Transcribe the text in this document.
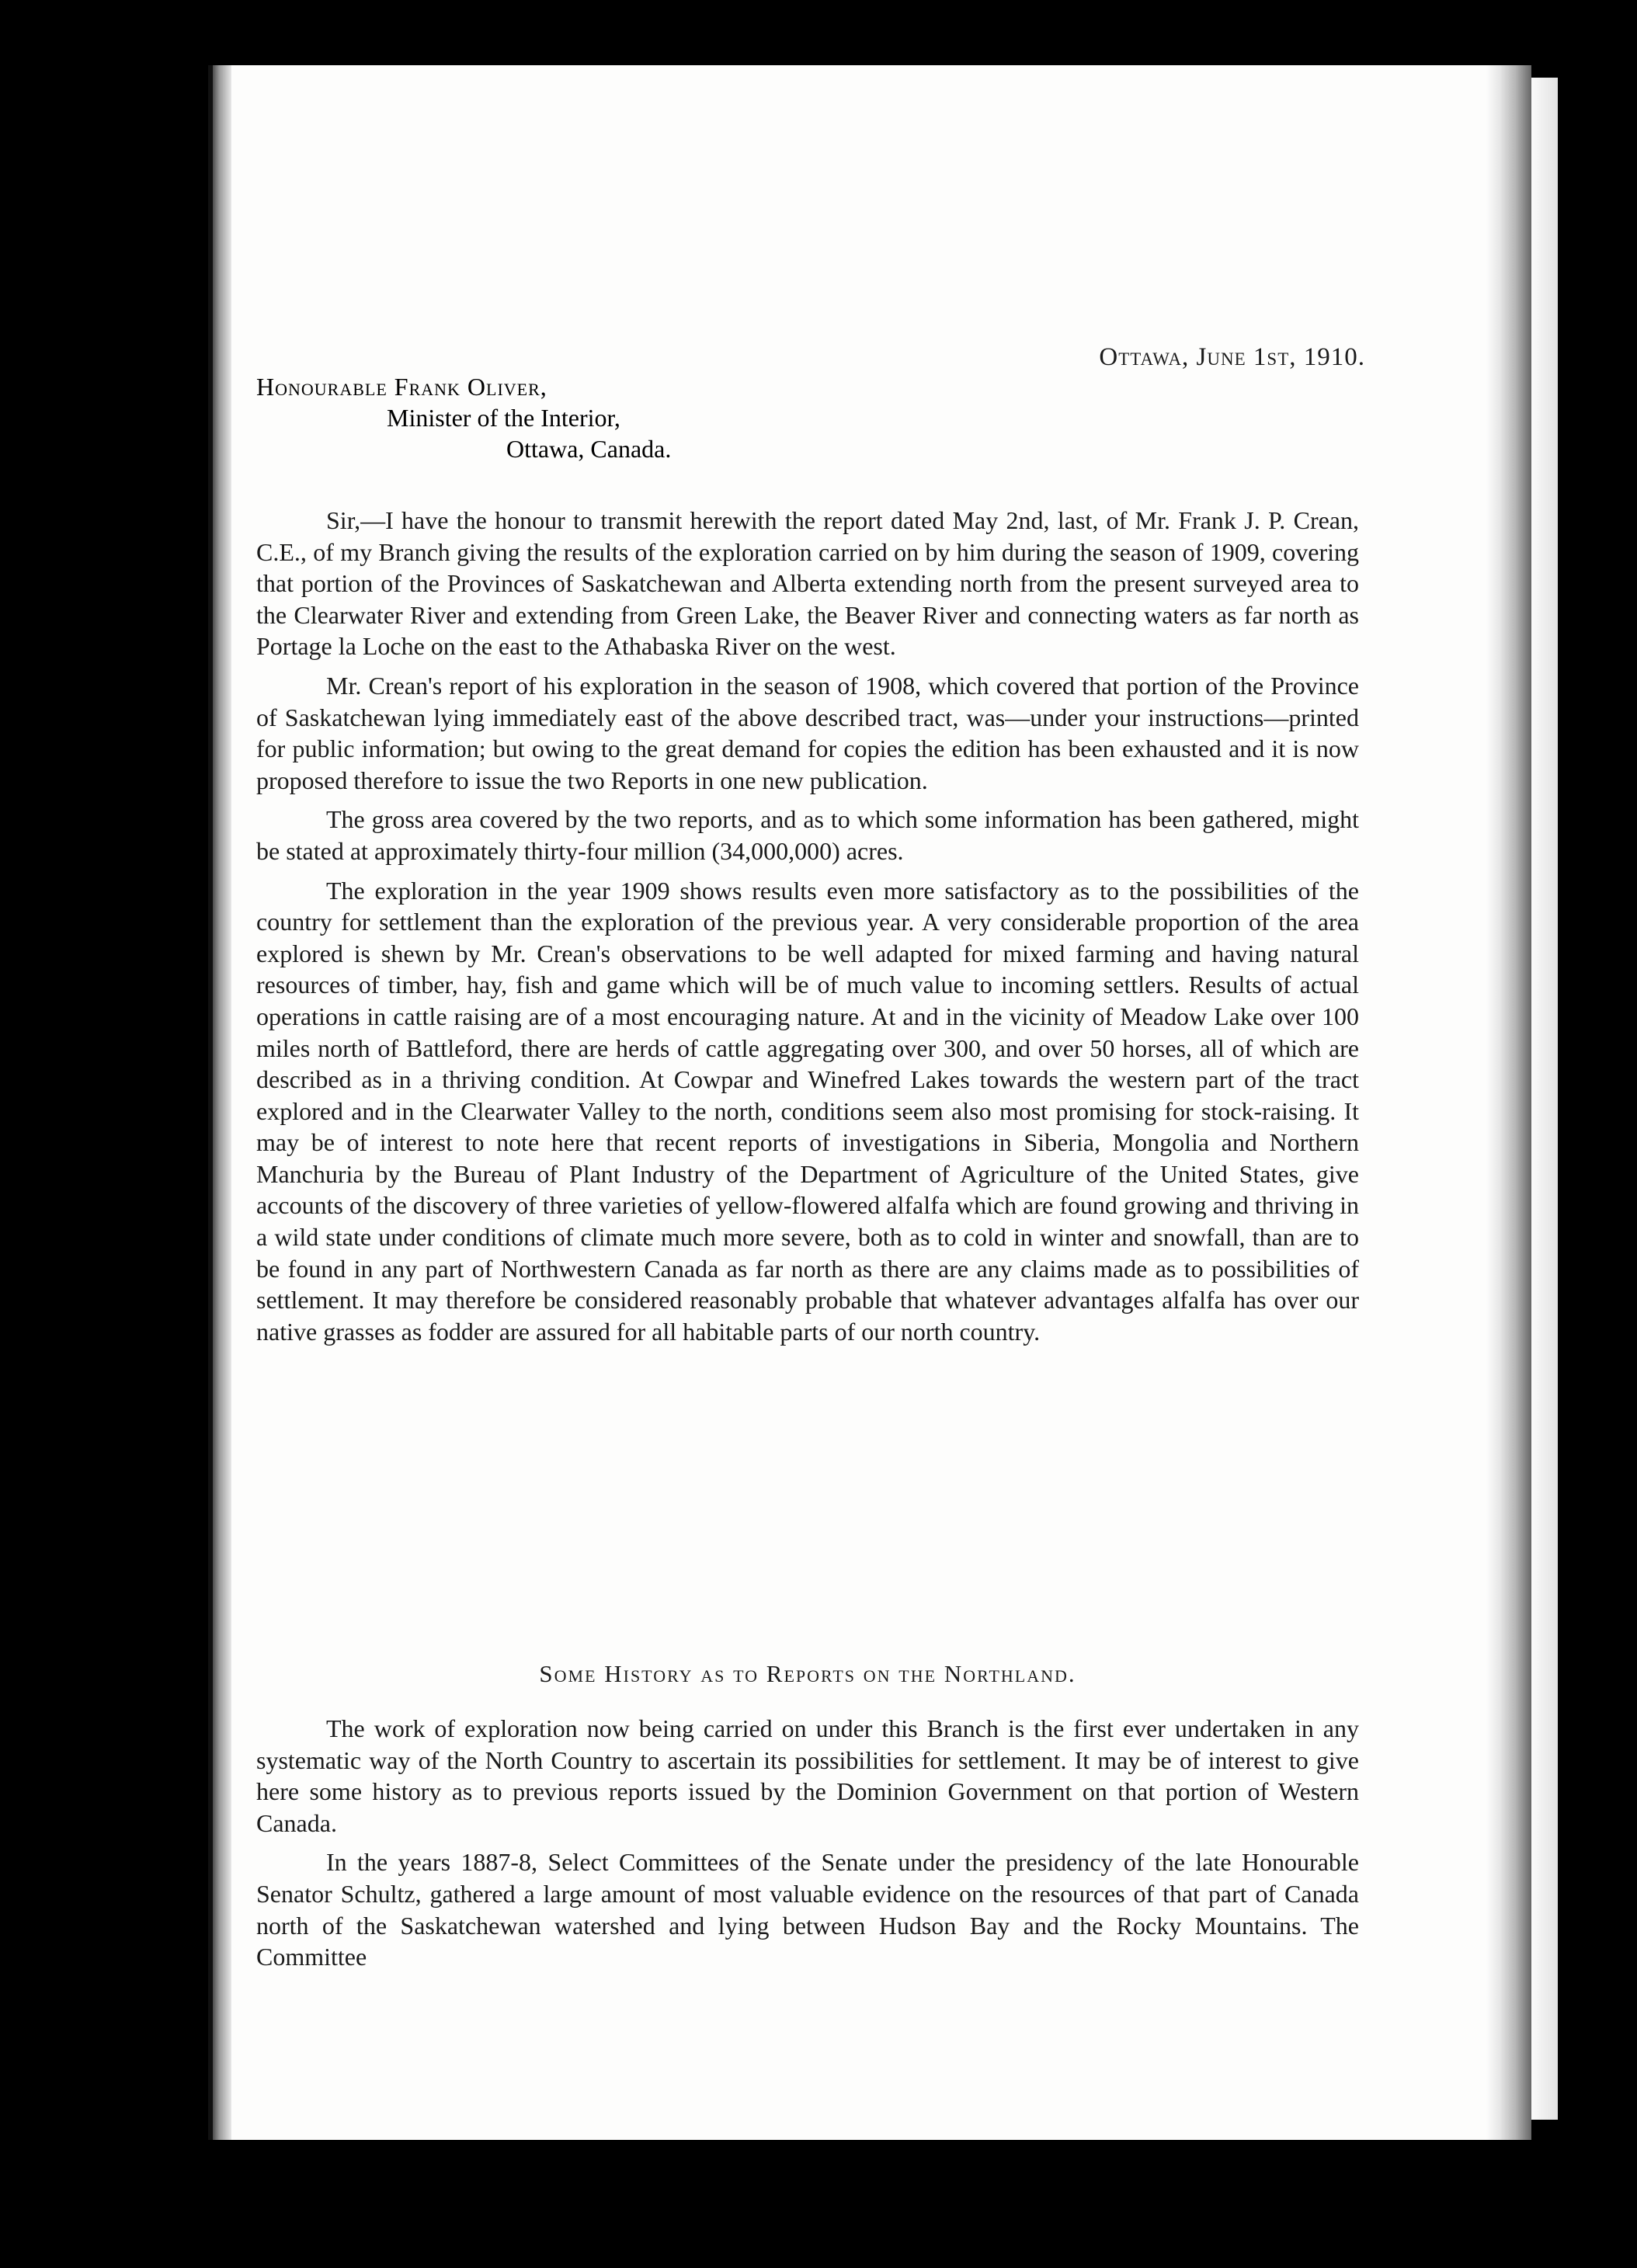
Ottawa, June 1st, 1910.
Honourable Frank Oliver,
Minister of the Interior,
Ottawa, Canada.

Sir,—I have the honour to transmit herewith the report dated May 2nd, last, of Mr. Frank J. P. Crean, C.E., of my Branch giving the results of the exploration carried on by him during the season of 1909, covering that portion of the Provinces of Saskatchewan and Alberta extending north from the present surveyed area to the Clearwater River and extending from Green Lake, the Beaver River and connecting waters as far north as Portage la Loche on the east to the Athabaska River on the west.

Mr. Crean's report of his exploration in the season of 1908, which covered that portion of the Province of Saskatchewan lying immediately east of the above described tract, was—under your instructions—printed for public information; but owing to the great demand for copies the edition has been exhausted and it is now proposed therefore to issue the two Reports in one new publication.

The gross area covered by the two reports, and as to which some information has been gathered, might be stated at approximately thirty-four million (34,000,000) acres.

The exploration in the year 1909 shows results even more satisfactory as to the possibilities of the country for settlement than the exploration of the previous year. A very considerable proportion of the area explored is shewn by Mr. Crean's observations to be well adapted for mixed farming and having natural resources of timber, hay, fish and game which will be of much value to incoming settlers. Results of actual operations in cattle raising are of a most encouraging nature. At and in the vicinity of Meadow Lake over 100 miles north of Battleford, there are herds of cattle aggregating over 300, and over 50 horses, all of which are described as in a thriving condition. At Cowpar and Winefred Lakes towards the western part of the tract explored and in the Clearwater Valley to the north, conditions seem also most promising for stock-raising. It may be of interest to note here that recent reports of investigations in Siberia, Mongolia and Northern Manchuria by the Bureau of Plant Industry of the Department of Agriculture of the United States, give accounts of the discovery of three varieties of yellow-flowered alfalfa which are found growing and thriving in a wild state under conditions of climate much more severe, both as to cold in winter and snowfall, than are to be found in any part of Northwestern Canada as far north as there are any claims made as to possibilities of settlement. It may therefore be considered reasonably probable that whatever advantages alfalfa has over our native grasses as fodder are assured for all habitable parts of our north country.

Some History as to Reports on the Northland.

The work of exploration now being carried on under this Branch is the first ever undertaken in any systematic way of the North Country to ascertain its possibilities for settlement. It may be of interest to give here some history as to previous reports issued by the Dominion Government on that portion of Western Canada.

In the years 1887-8, Select Committees of the Senate under the presidency of the late Honourable Senator Schultz, gathered a large amount of most valuable evidence on the resources of that part of Canada north of the Saskatchewan watershed and lying between Hudson Bay and the Rocky Mountains. The Committee
